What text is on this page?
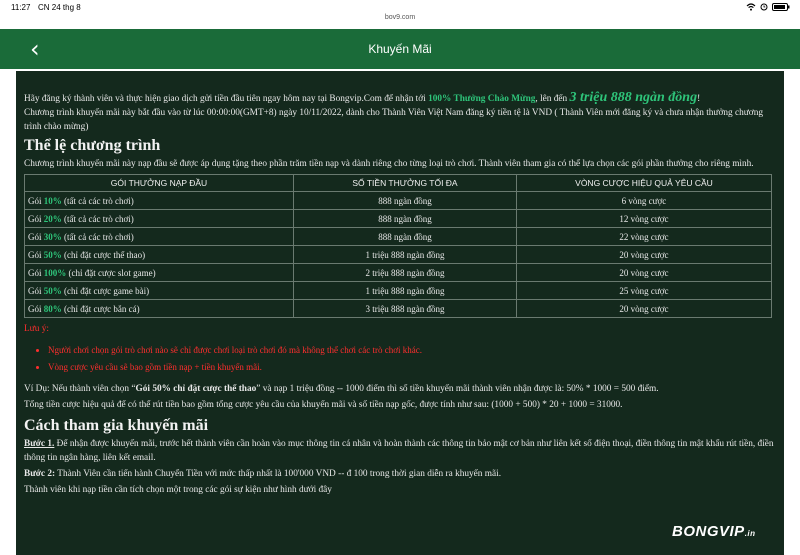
11:27 CN 24 thg 8
bov9.com
‹	Khuyến Mãi

Hãy đăng ký thành viên và thực hiện giao dịch gửi tiền đầu tiên ngay hôm nay tại Bongvip.Com để nhận tới 100% Thưởng Chào Mừng, lên đến 3 triệu 888 ngàn đồng!

Chương trình khuyến mãi này bắt đầu vào từ lúc 00:00:00(GMT+8) ngày 10/11/2022, dành cho Thành Viên Việt Nam đăng ký tiền tệ là VND ( Thành Viên mới đăng ký và chưa nhận thưởng chương trình chào mừng)

Thể lệ chương trình

Chương trình khuyến mãi này nạp đầu sẽ được áp dụng tặng theo phần trăm tiền nạp và dành riêng cho từng loại trò chơi. Thành viên tham gia có thể lựa chọn các gói phần thưởng cho riêng mình.

GÓI THƯỞNG NẠP ĐẦU	SỐ TIỀN THƯỞNG TỐI ĐA	VÒNG CƯỢC HIỆU QUẢ YÊU CẦU
Gói 10% (tất cả các trò chơi)	888 ngàn đồng	6 vòng cược
Gói 20% (tất cả các trò chơi)	888 ngàn đồng	12 vòng cược
Gói 30% (tất cả các trò chơi)	888 ngàn đồng	22 vòng cược
Gói 50% (chỉ đặt cược thể thao)	1 triệu 888 ngàn đồng	20 vòng cược
Gói 100% (chỉ đặt cược slot game)	2 triệu 888 ngàn đồng	20 vòng cược
Gói 50% (chỉ đặt cược game bài)	1 triệu 888 ngàn đồng	25 vòng cược
Gói 80% (chỉ đặt cược bắn cá)	3 triệu 888 ngàn đồng	20 vòng cược

Lưu ý:

• Người chơi chọn gói trò chơi nào sẽ chỉ được chơi loại trò chơi đó mà không thể chơi các trò chơi khác.
• Vòng cược yêu cầu sẽ bao gồm tiền nạp + tiền khuyến mãi.

Ví Dụ: Nếu thành viên chọn “Gói 50% chỉ đặt cược thể thao” và nạp 1 triệu đồng -- 1000 điểm thì số tiền khuyến mãi thành viên nhận được là: 50% * 1000 = 500 điểm.

Tổng tiền cược hiệu quả để có thể rút tiền bao gồm tổng cược yêu cầu của khuyến mãi và số tiền nạp gốc, được tính như sau: (1000 + 500) * 20 + 1000 = 31000.

Cách tham gia khuyến mãi

Bước 1. Để nhận được khuyến mãi, trước hết thành viên cần hoàn vào mục thông tin cá nhân và hoàn thành các thông tin bảo mật cơ bản như liên kết số điện thoại, điền thông tin mật khẩu rút tiền, điền thông tin ngân hàng, liên kết email.

Bước 2: Thành Viên cần tiến hành Chuyển Tiền với mức thấp nhất là 100'000 VND -- đ 100 trong thời gian diễn ra khuyến mãi.

Thành viên khi nạp tiền cần tích chọn một trong các gói sự kiện như hình dưới đây

BONGVIP.in
